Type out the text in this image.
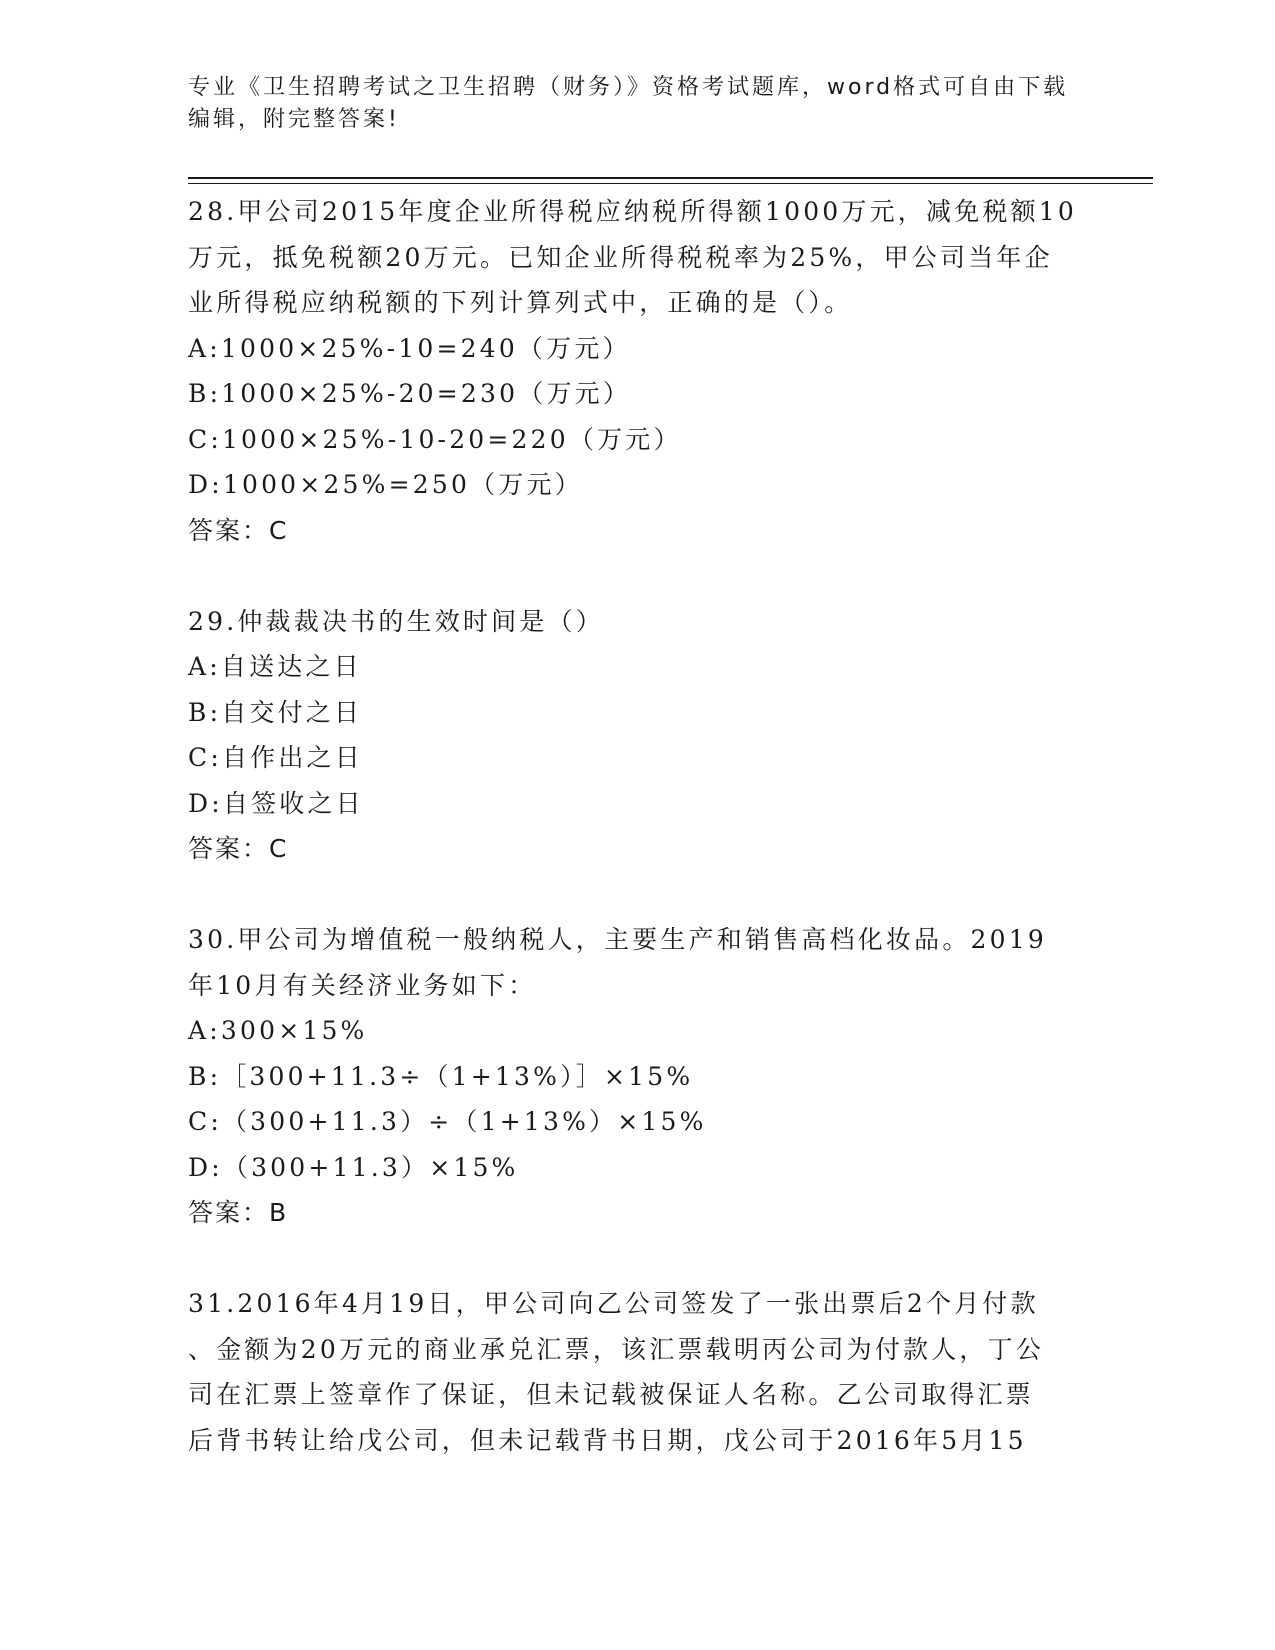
专业《卫生招聘考试之卫生招聘（财务）》资格考试题库，word格式可自由下载
编辑，附完整答案!
28.甲公司2015年度企业所得税应纳税所得额1000万元，减免税额10
万元，抵免税额20万元。已知企业所得税税率为25%，甲公司当年企
业所得税应纳税额的下列计算列式中，正确的是（）。
A:1000×25%-10=240（万元）
B:1000×25%-20=230（万元）
C:1000×25%-10-20=220（万元）
D:1000×25%=250（万元）
答案：C
29.仲裁裁决书的生效时间是（）
A:自送达之日
B:自交付之日
C:自作出之日
D:自签收之日
答案：C
30.甲公司为增值税一般纳税人，主要生产和销售高档化妆品。2019
年10月有关经济业务如下：
A:300×15%
B:［300+11.3÷（1+13%）］×15%
C:（300+11.3）÷（1+13%）×15%
D:（300+11.3）×15%
答案：B
31.2016年4月19日，甲公司向乙公司签发了一张出票后2个月付款
、金额为20万元的商业承兑汇票，该汇票载明丙公司为付款人，丁公
司在汇票上签章作了保证，但未记载被保证人名称。乙公司取得汇票
后背书转让给戊公司，但未记载背书日期，戊公司于2016年5月15
